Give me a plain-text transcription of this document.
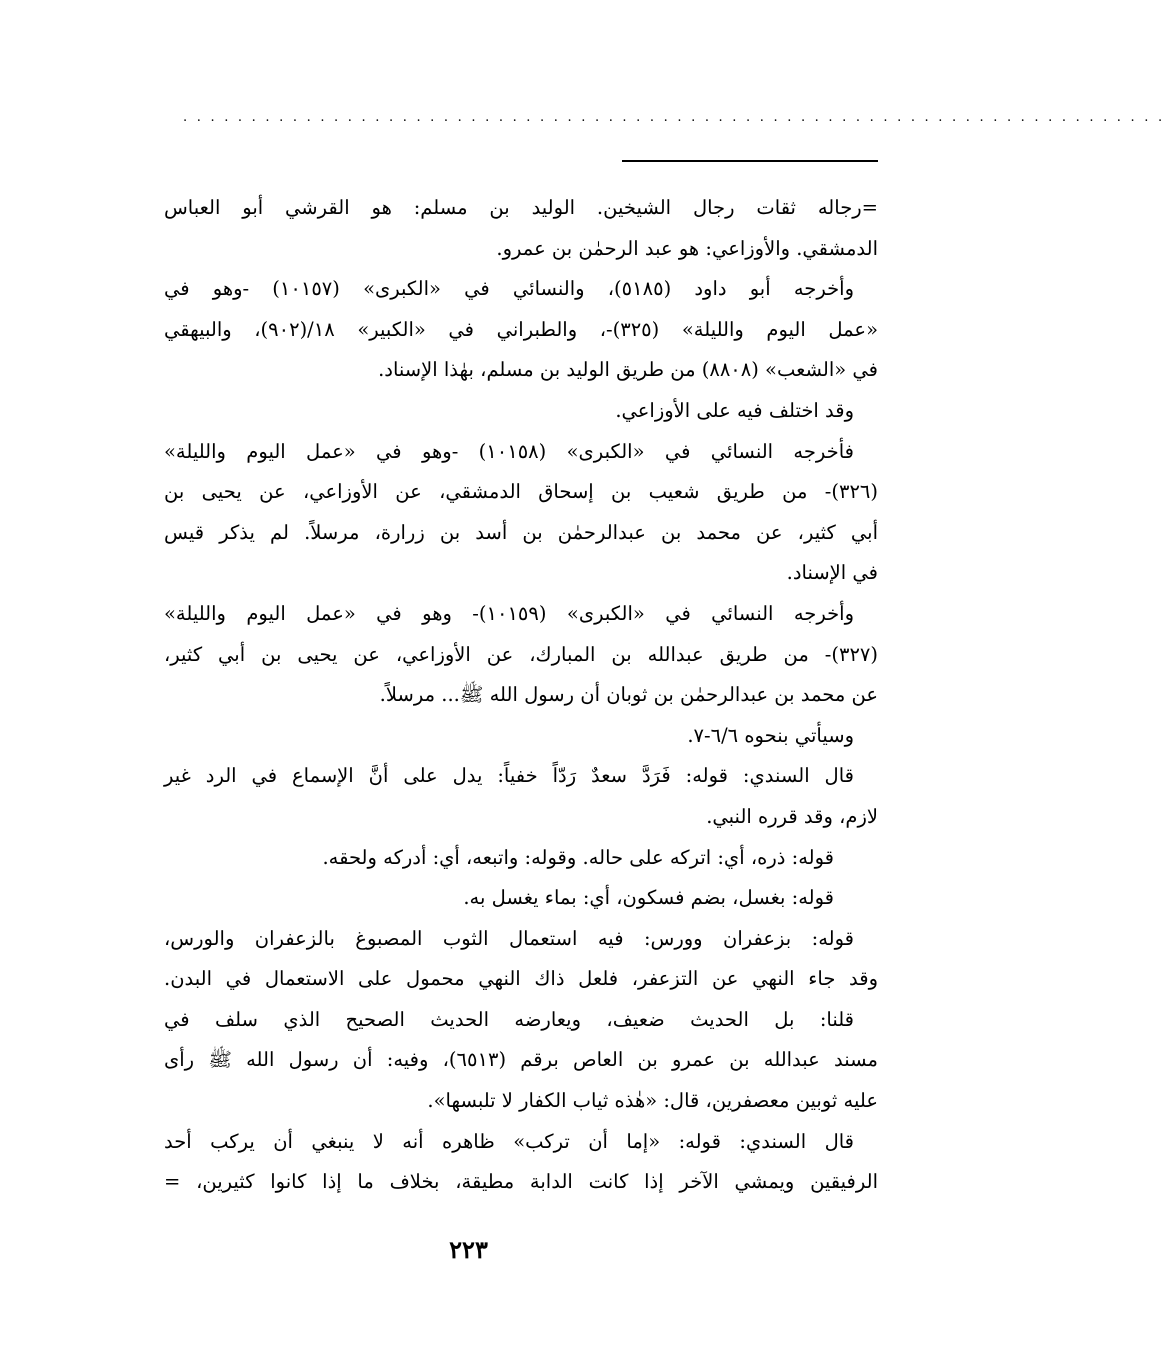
........................................................................
=رجاله ثقات رجال الشيخين. الوليد بن مسلم: هو القرشي أبو العباس
الدمشقي. والأوزاعي: هو عبد الرحمٰن بن عمرو.
وأخرجه أبو داود (٥١٨٥)، والنسائي في «الكبرى» (١٠١٥٧) -وهو في
«عمل اليوم والليلة» (٣٢٥)-، والطبراني في «الكبير» ١٨/(٩٠٢)، والبيهقي
في «الشعب» (٨٨٠٨) من طريق الوليد بن مسلم، بهٰذا الإسناد.
وقد اختلف فيه على الأوزاعي.
فأخرجه النسائي في «الكبرى» (١٠١٥٨) -وهو في «عمل اليوم والليلة»
(٣٢٦)- من طريق شعيب بن إسحاق الدمشقي، عن الأوزاعي، عن يحيى بن
أبي كثير، عن محمد بن عبدالرحمٰن بن أسد بن زرارة، مرسلاً. لم يذكر قيس
في الإسناد.
وأخرجه النسائي في «الكبرى» (١٠١٥٩)- وهو في «عمل اليوم والليلة»
(٣٢٧)- من طريق عبدالله بن المبارك، عن الأوزاعي، عن يحيى بن أبي كثير،
عن محمد بن عبدالرحمٰن بن ثوبان أن رسول الله ﷺ... مرسلاً.
وسيأتي بنحوه ٦/٦-٧.
قال السندي: قوله: فَرَدَّ سعدٌ رَدّاً خفياً: يدل على أنَّ الإسماع في الرد غير
لازم، وقد قرره النبي.
قوله: ذره، أي: اتركه على حاله. وقوله: واتبعه، أي: أدركه ولحقه.
قوله: بغسل، بضم فسكون، أي: بماء يغسل به.
قوله: بزعفران وورس: فيه استعمال الثوب المصبوغ بالزعفران والورس،
وقد جاء النهي عن التزعفر، فلعل ذاك النهي محمول على الاستعمال في البدن.
قلنا: بل الحديث ضعيف، ويعارضه الحديث الصحيح الذي سلف في
مسند عبدالله بن عمرو بن العاص برقم (٦٥١٣)، وفيه: أن رسول الله ﷺ رأى
عليه ثوبين معصفرين، قال: «هٰذه ثياب الكفار لا تلبسها».
قال السندي: قوله: «إما أن تركب» ظاهره أنه لا ينبغي أن يركب أحد
الرفيقين ويمشي الآخر إذا كانت الدابة مطيقة، بخلاف ما إذا كانوا كثيرين، =
٢٢٣
